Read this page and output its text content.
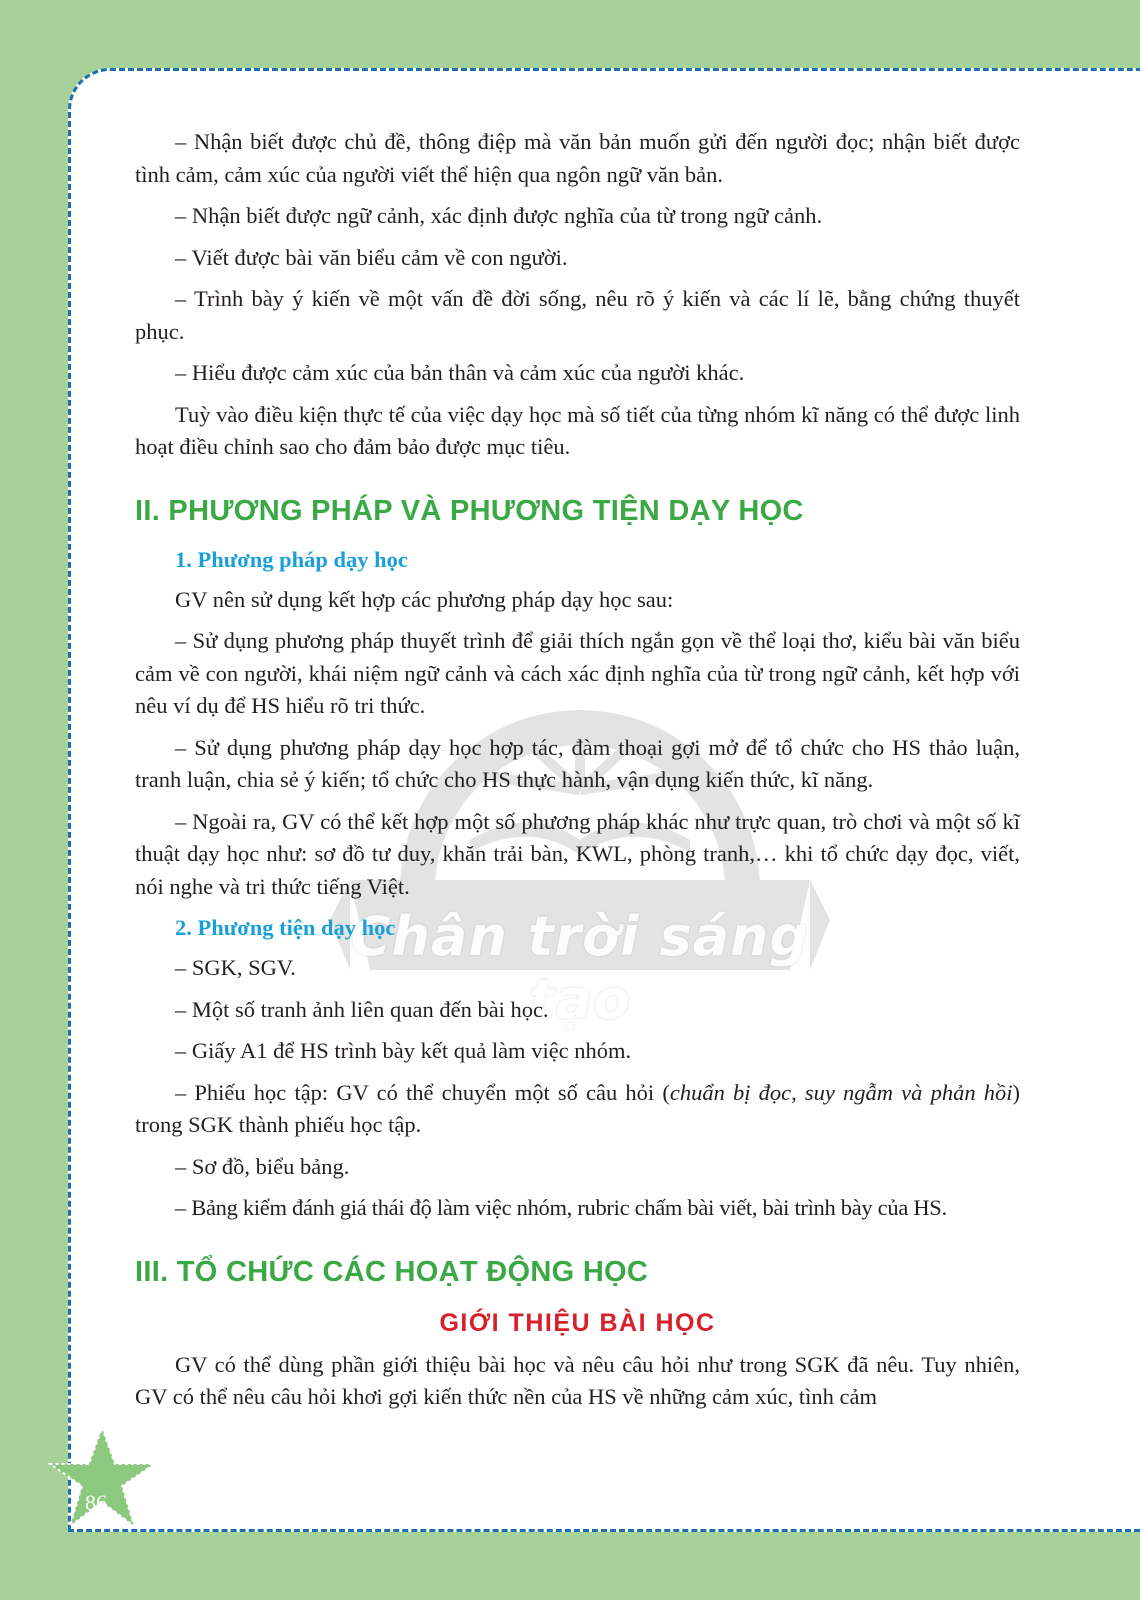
Chân trời sáng tạo

– Nhận biết được chủ đề, thông điệp mà văn bản muốn gửi đến người đọc; nhận biết được tình cảm, cảm xúc của người viết thể hiện qua ngôn ngữ văn bản.

– Nhận biết được ngữ cảnh, xác định được nghĩa của từ trong ngữ cảnh.

– Viết được bài văn biểu cảm về con người.

– Trình bày ý kiến về một vấn đề đời sống, nêu rõ ý kiến và các lí lẽ, bằng chứng thuyết phục.

– Hiểu được cảm xúc của bản thân và cảm xúc của người khác.

Tuỳ vào điều kiện thực tế của việc dạy học mà số tiết của từng nhóm kĩ năng có thể được linh hoạt điều chỉnh sao cho đảm bảo được mục tiêu.

II. PHƯƠNG PHÁP VÀ PHƯƠNG TIỆN DẠY HỌC
1. Phương pháp dạy học

GV nên sử dụng kết hợp các phương pháp dạy học sau:

– Sử dụng phương pháp thuyết trình để giải thích ngắn gọn về thể loại thơ, kiểu bài văn biểu cảm về con người, khái niệm ngữ cảnh và cách xác định nghĩa của từ trong ngữ cảnh, kết hợp với nêu ví dụ để HS hiểu rõ tri thức.

– Sử dụng phương pháp dạy học hợp tác, đàm thoại gợi mở để tổ chức cho HS thảo luận, tranh luận, chia sẻ ý kiến; tổ chức cho HS thực hành, vận dụng kiến thức, kĩ năng.

– Ngoài ra, GV có thể kết hợp một số phương pháp khác như trực quan, trò chơi và một số kĩ thuật dạy học như: sơ đồ tư duy, khăn trải bàn, KWL, phòng tranh,… khi tổ chức dạy đọc, viết, nói nghe và tri thức tiếng Việt.

2. Phương tiện dạy học

– SGK, SGV.

– Một số tranh ảnh liên quan đến bài học.

– Giấy A1 để HS trình bày kết quả làm việc nhóm.

– Phiếu học tập: GV có thể chuyển một số câu hỏi (chuẩn bị đọc, suy ngẫm và phản hồi) trong SGK thành phiếu học tập.

– Sơ đồ, biểu bảng.

– Bảng kiểm đánh giá thái độ làm việc nhóm, rubric chấm bài viết, bài trình bày của HS.

III. TỔ CHỨC CÁC HOẠT ĐỘNG HỌC
GIỚI THIỆU BÀI HỌC

GV có thể dùng phần giới thiệu bài học và nêu câu hỏi như trong SGK đã nêu. Tuy nhiên, GV có thể nêu câu hỏi khơi gợi kiến thức nền của HS về những cảm xúc, tình cảm

86
